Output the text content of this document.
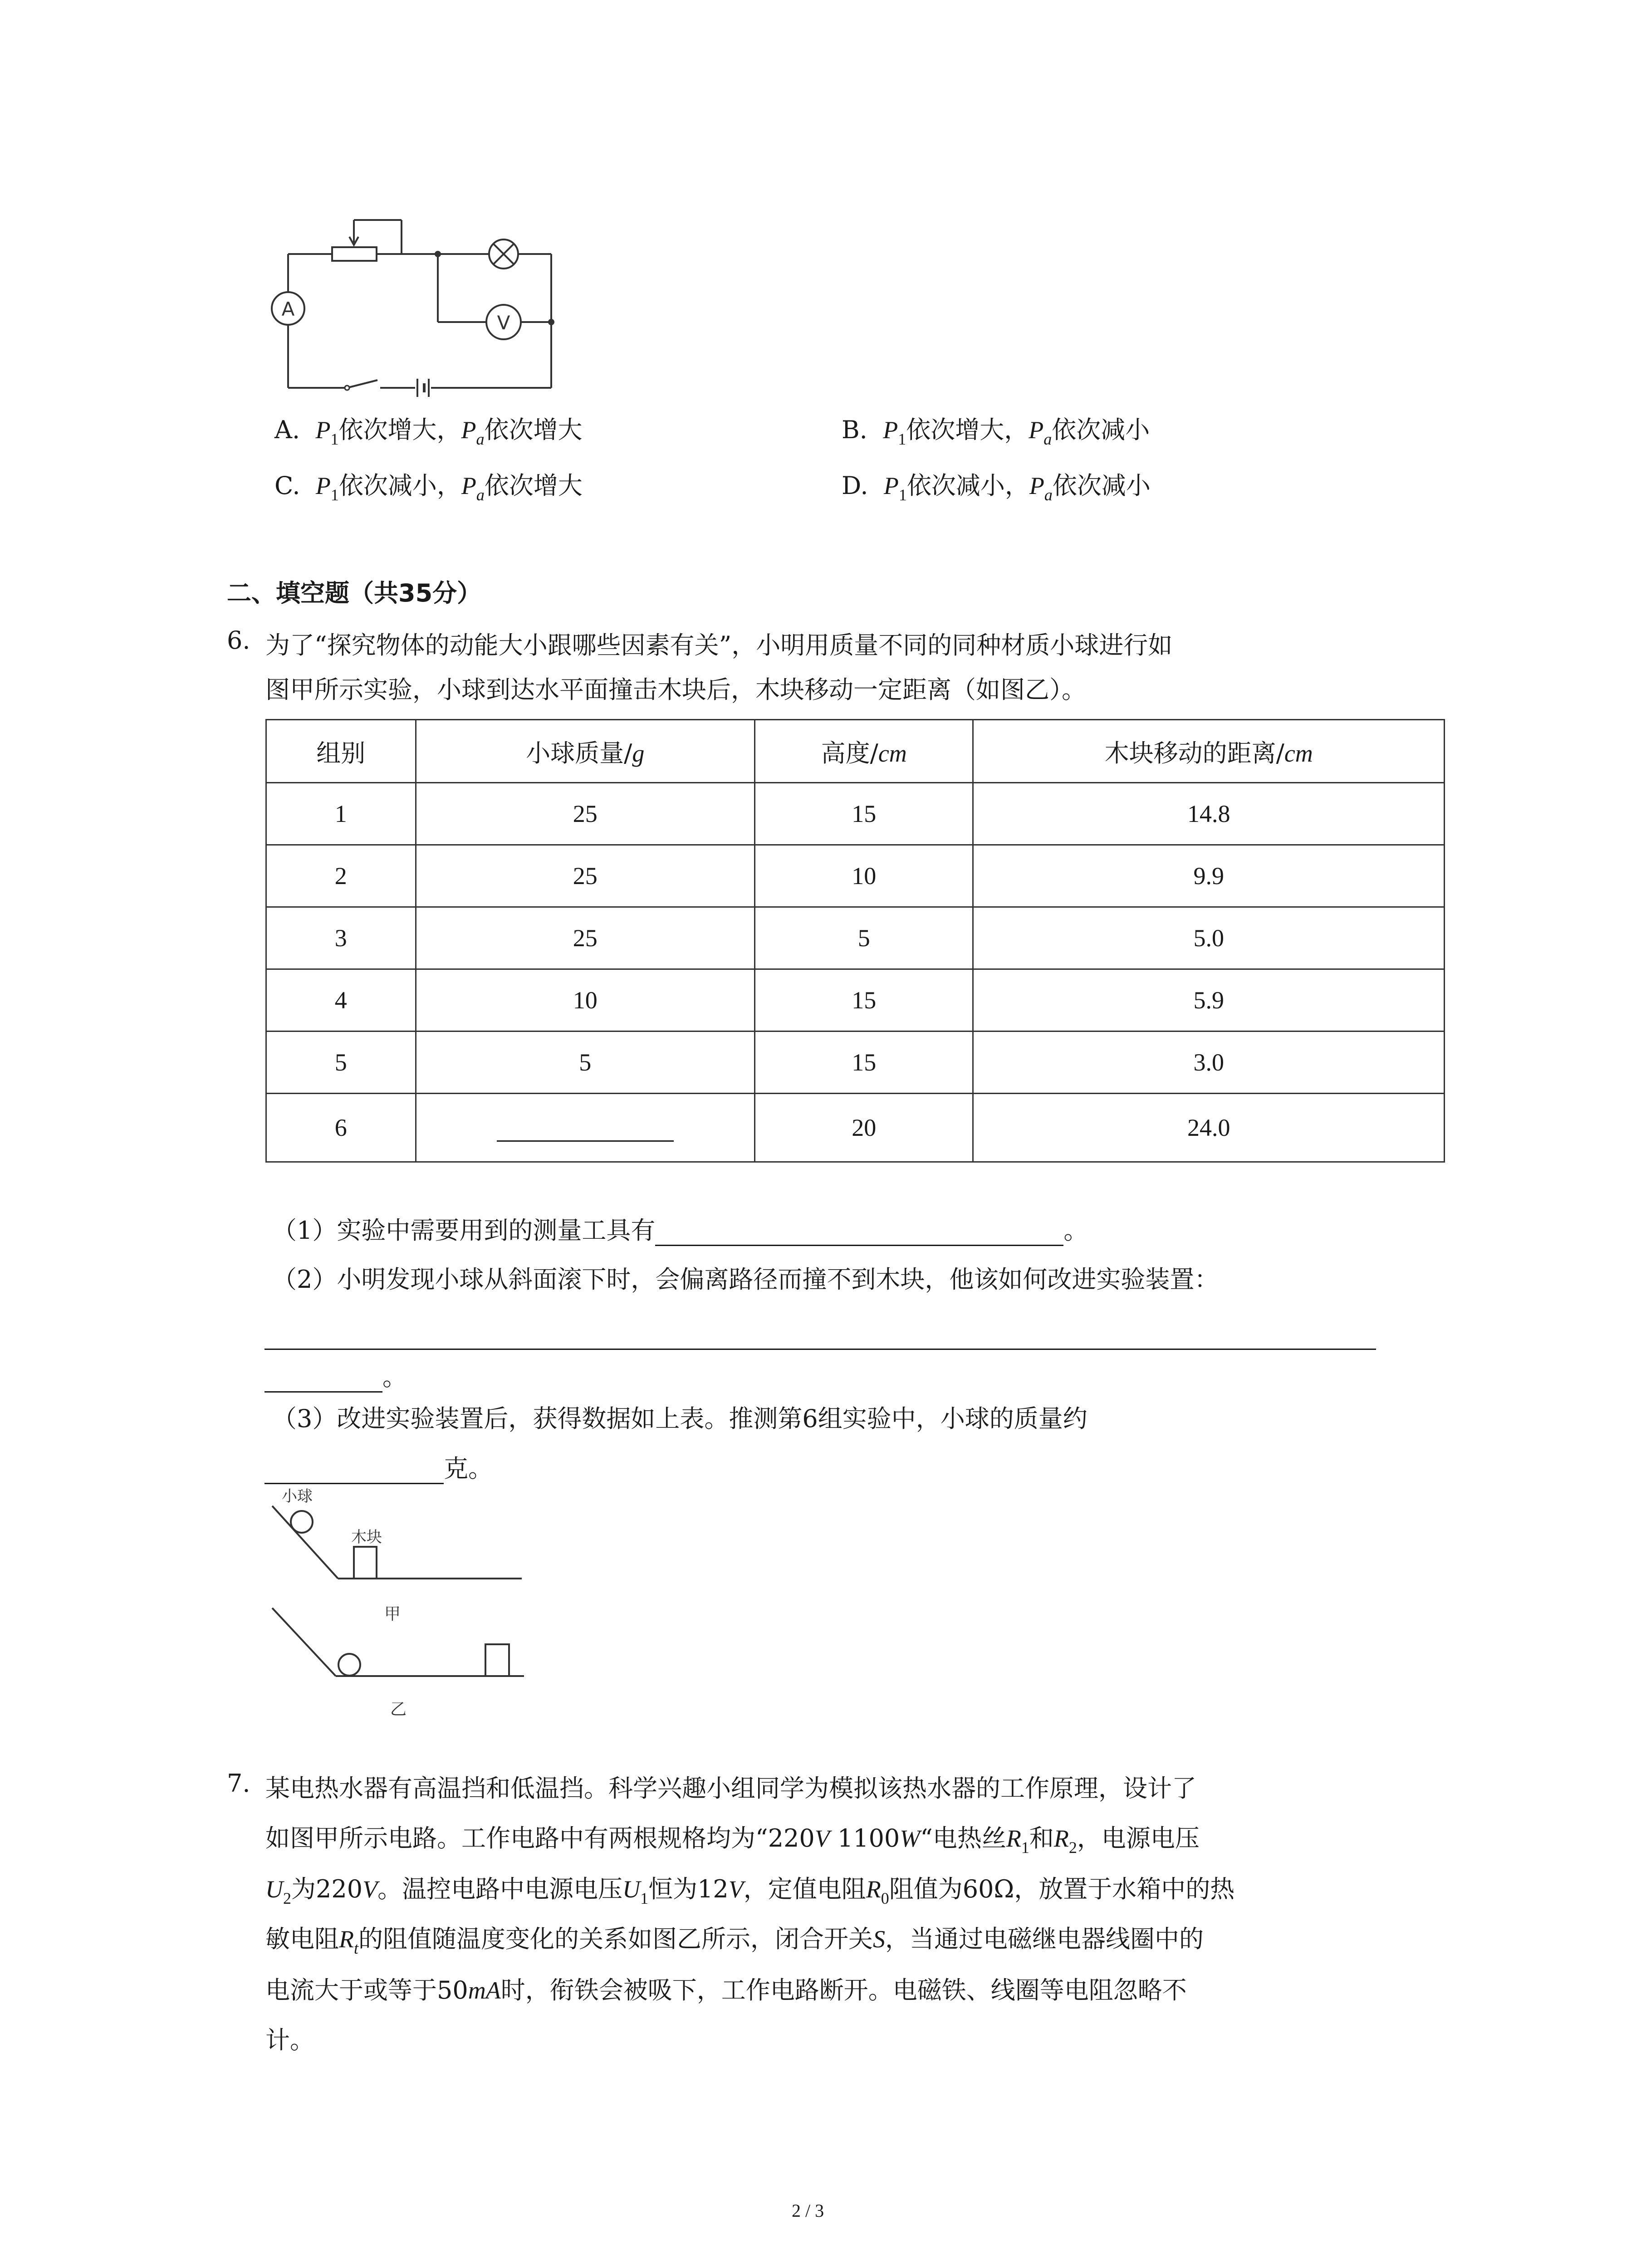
V
A
A. $P_1$依次增大，$P_a$依次增大	B. $P_1$依次增大，$P_a$依次减小
C. $P_1$依次减小，$P_a$依次增大	D. $P_1$依次减小，$P_a$依次减小
二、填空题（共35分）
6. 为了“探究物体的动能大小跟哪些因素有关”，小明用质量不同的同种材质小球进行如
图甲所示实验，小球到达水平面撞击木块后，木块移动一定距离（如图乙）。
组别	小球质量/g	高度/cm	木块移动的距离/cm
1	25	15	14.8
2	25	10	9.9
3	25	5	5.0
4	10	15	5.9
5	5	15	3.0
6		20	24.0
（1）实验中需要用到的测量工具有	。
（2）小明发现小球从斜面滚下时，会偏离路径而撞不到木块，他该如何改进实验装置：
。
（3）改进实验装置后，获得数据如上表。推测第6组实验中，小球的质量约
克。
小球
木块
甲
乙
7. 某电热水器有高温挡和低温挡。科学兴趣小组同学为模拟该热水器的工作原理，设计了
如图甲所示电路。工作电路中有两根规格均为“220V 1100W“电热丝$R_1$和$R_2$，电源电压
$U_2$为220V。温控电路中电源电压$U_1$恒为12V，定值电阻$R_0$阻值为60Ω，放置于水箱中的热
敏电阻$R_t$的阻值随温度变化的关系如图乙所示，闭合开关S，当通过电磁继电器线圈中的
电流大于或等于50mA时，衔铁会被吸下，工作电路断开。电磁铁、线圈等电阻忽略不
计。
2 / 3
